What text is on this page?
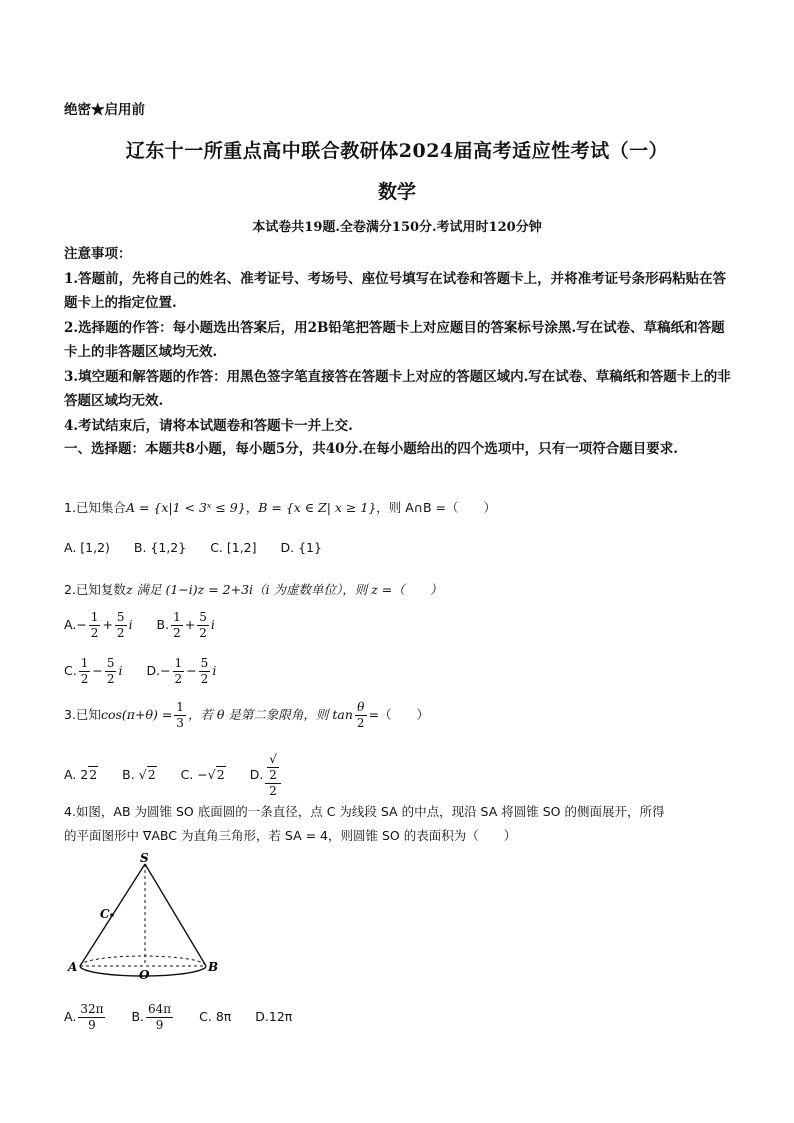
绝密★启用前
辽东十一所重点高中联合教研体2024届高考适应性考试（一）
数学
本试卷共19题.全卷满分150分.考试用时120分钟

注意事项：

1.答题前，先将自己的姓名、准考证号、考场号、座位号填写在试卷和答题卡上，并将准考证号条形码粘贴在答题卡上的指定位置.

2.选择题的作答：每小题选出答案后，用2B铅笔把答题卡上对应题目的答案标号涂黑.写在试卷、草稿纸和答题卡上的非答题区域均无效.

3.填空题和解答题的作答：用黑色签字笔直接答在答题卡上对应的答题区域内.写在试卷、草稿纸和答题卡上的非答题区域均无效.

4.考试结束后，请将本试题卷和答题卡一并上交.

一、选择题：本题共8小题，每小题5分，共40分.在每小题给出的四个选项中，只有一项符合题目要求.
1.已知集合A = {x|1 < 3ˣ ≤ 9}，B = {x ∈ Z| x ≥ 1}，则 A∩B =（　　）
A. [1,2) B. {1,2} C. [1,2] D. {1}
2.已知复数z 满足 (1−i)z = 2+3i（i 为虚数单位），则 z =（　　）
$A.- \frac{1}{2} + \frac{5}{2}$ i B. $\frac{1}{2} + \frac{5}{2}$ i
C. $\frac{1}{2} - \frac{5}{2}$ i $D.- \frac{1}{2} - \frac{5}{2}$ i
3.已知$\cos(\pi+\theta) = \frac{1}{3}$ ，若 θ 是第二象限角，则 $\tan \frac{\theta}{2}$ =（　　）
A. 22 B. √2 C. −√2 D. √
2
2
4.如图，AB 为圆锥 SO 底面圆的一条直径，点 C 为线段 SA 的中点，现沿 SA 将圆锥 SO 的侧面展开，所得
的平面图形中 ∇ABC 为直角三角形，若 SA = 4，则圆锥 SO 的表面积为（　　）
S
C
A
O
B
A. $\frac{32\pi}{9} B$. $\frac{64\pi}{9} C$. 8π D.12π
